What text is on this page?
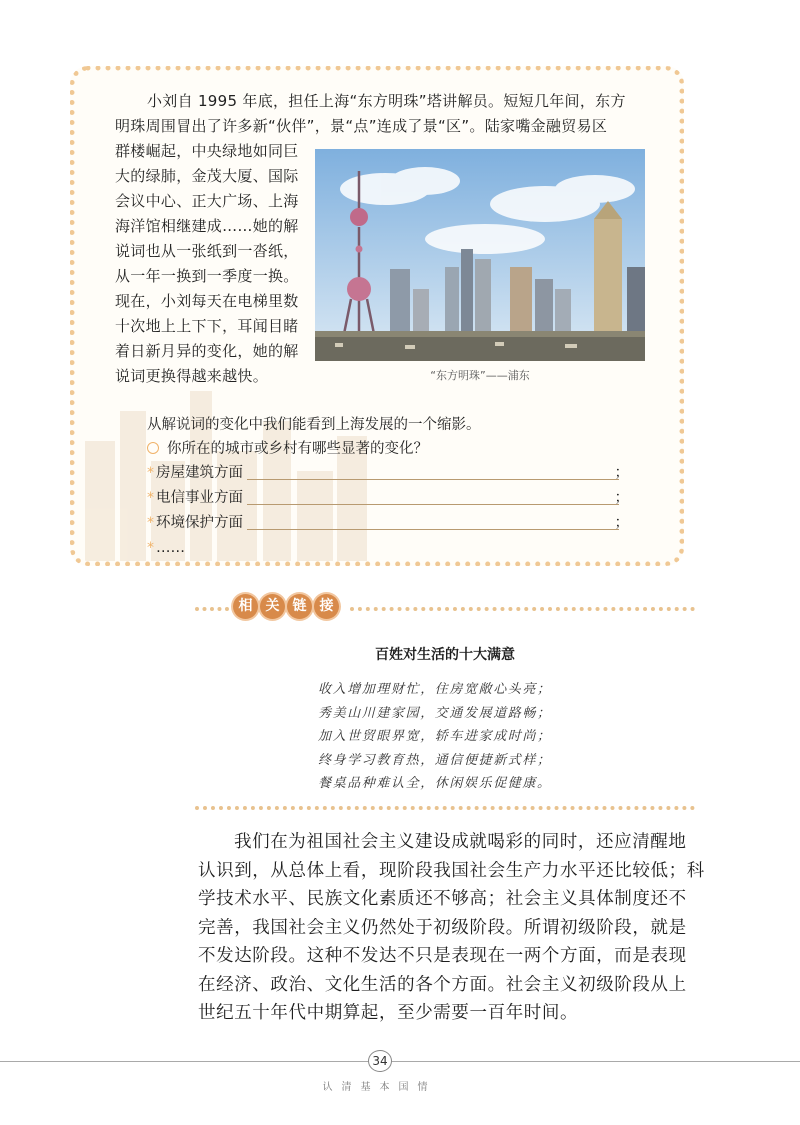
小刘自 1995 年底，担任上海“东方明珠”塔讲解员。短短几年间，东方
明珠周围冒出了许多新“伙伴”，景“点”连成了景“区”。陆家嘴金融贸易区
群楼崛起，中央绿地如同巨
大的绿肺，金茂大厦、国际
会议中心、正大广场、上海
海洋馆相继建成……她的解
说词也从一张纸到一沓纸，
从一年一换到一季度一换。
现在，小刘每天在电梯里数
十次地上上下下，耳闻目睹
着日新月异的变化，她的解
说词更换得越来越快。	“东方明珠”——浦东
从解说词的变化中我们能看到上海发展的一个缩影。
你所在的城市或乡村有哪些显著的变化？
* 房屋建筑方面	；
* 电信事业方面	；
* 环境保护方面	；
* ……
相 关 链 接
百姓对生活的十大满意
收入增加理财忙，住房宽敞心头亮；
秀美山川建家园，交通发展道路畅；
加入世贸眼界宽，轿车进家成时尚；
终身学习教育热，通信便捷新式样；
餐桌品种难认全，休闲娱乐促健康。
我们在为祖国社会主义建设成就喝彩的同时，还应清醒地
认识到，从总体上看，现阶段我国社会生产力水平还比较低；科
学技术水平、民族文化素质还不够高；社会主义具体制度还不
完善，我国社会主义仍然处于初级阶段。所谓初级阶段，就是
不发达阶段。这种不发达不只是表现在一两个方面，而是表现
在经济、政治、文化生活的各个方面。社会主义初级阶段从上
世纪五十年代中期算起，至少需要一百年时间。
34
认清基本国情
